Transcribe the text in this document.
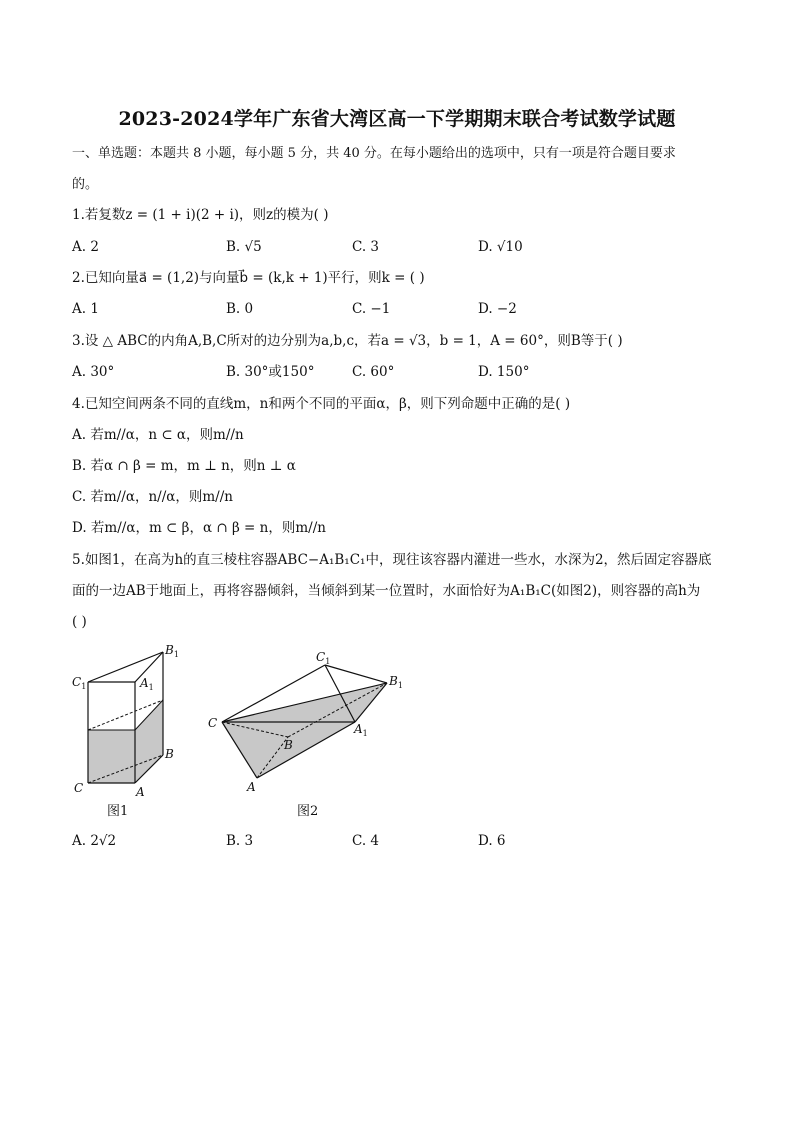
2023-2024学年广东省大湾区高一下学期期末联合考试数学试题
一、单选题：本题共 8 小题，每小题 5 分，共 40 分。在每小题给出的选项中，只有一项是符合题目要求
的。
1.若复数z = (1 + i)(2 + i)，则z的模为( )
A. 2	B. √5	C. 3	D. √10
2.已知向量a⃗ = (1,2)与向量b⃗ = (k,k + 1)平行，则k = ( )
A. 1	B. 0	C. −1	D. −2
3.设 △ ABC的内角A,B,C所对的边分别为a,b,c，若a = √3，b = 1，A = 60°，则B等于( )
A. 30°	B. 30°或150°	C. 60°	D. 150°
4.已知空间两条不同的直线m，n和两个不同的平面α，β，则下列命题中正确的是( )
A. 若m//α，n ⊂ α，则m//n
B. 若α ∩ β = m，m ⊥ n，则n ⊥ α
C. 若m//α，n//α，则m//n
D. 若m//α，m ⊂ β，α ∩ β = n，则m//n
5.如图1，在高为h的直三棱柱容器ABC−A₁B₁C₁中，现往该容器内灌进一些水，水深为2，然后固定容器底
面的一边AB于地面上，再将容器倾斜，当倾斜到某一位置时，水面恰好为A₁B₁C(如图2)，则容器的高h为
( )
$B_1$
$C_1$	$A_1$
B
C	A
图1
$C_1$
$B_1$
C	$A_1$
B
A
图2
A. 2√2	B. 3	C. 4	D. 6
